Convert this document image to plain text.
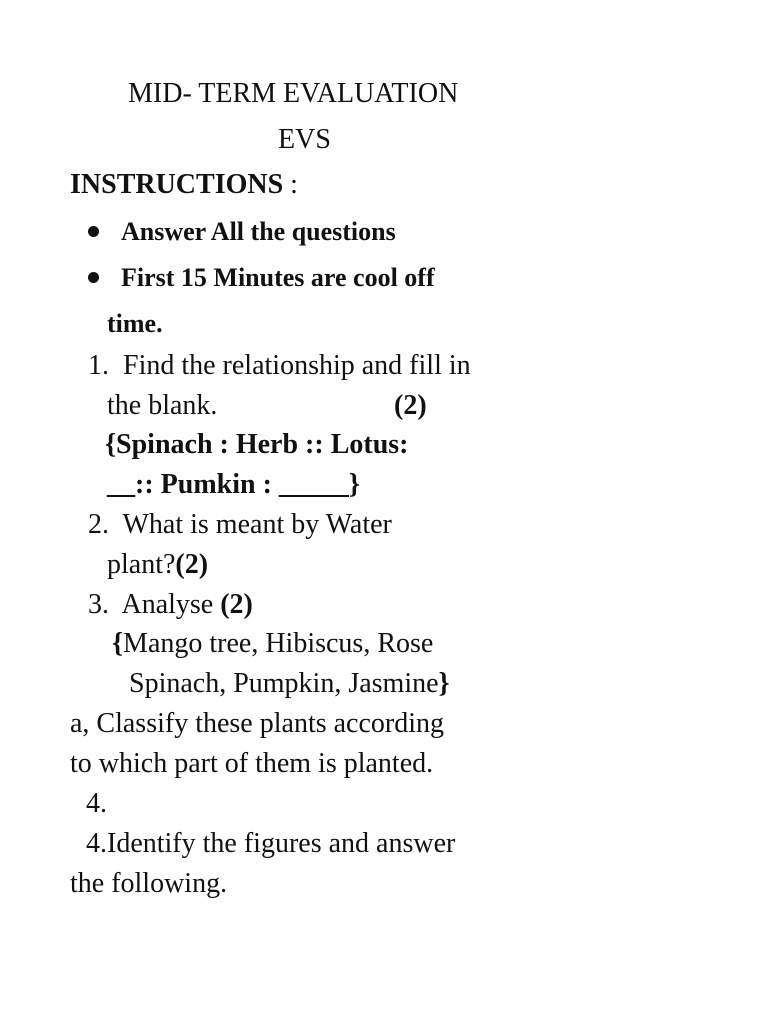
MID- TERM EVALUATION
EVS
INSTRUCTIONS :
Answer All the questions
First 15 Minutes are cool off
time.
1. Find the relationship and fill in
the blank.	(2)
{Spinach : Herb :: Lotus:
__:: Pumkin : _____}
2. What is meant by Water
plant?(2)
3. Analyse (2)
{Mango tree, Hibiscus, Rose
Spinach, Pumpkin, Jasmine}
a, Classify these plants according
to which part of them is planted.
4.
4.Identify the figures and answer
the following.
